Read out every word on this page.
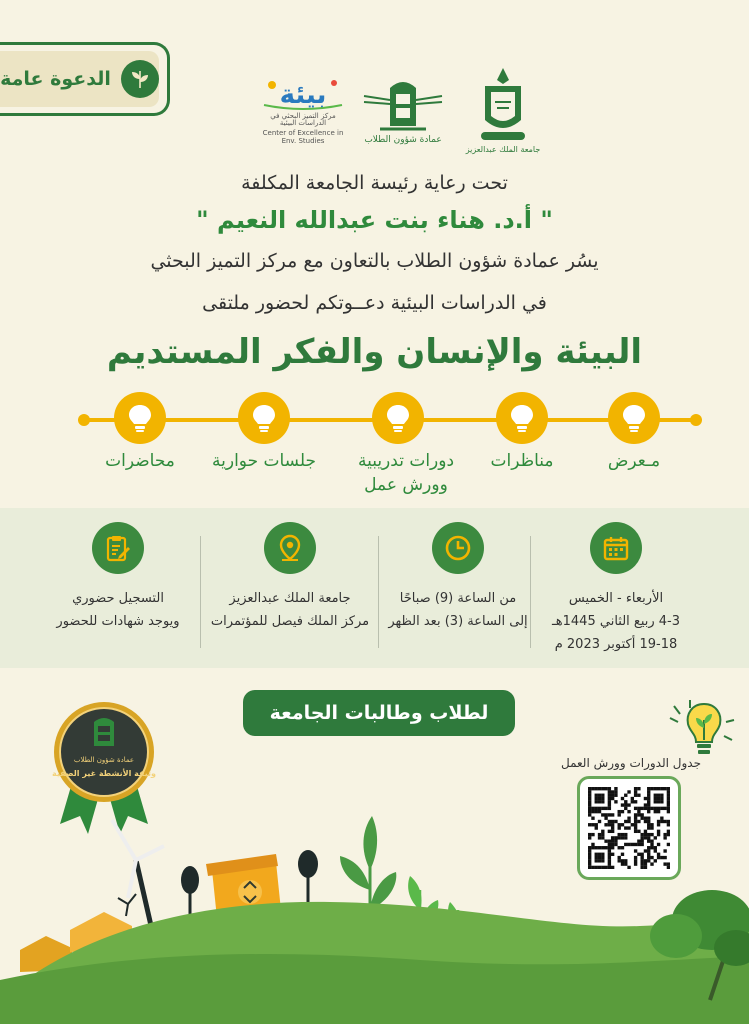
الدعوة عامة
بيئة
مركز التميز البحثي في الدراسات البيئية
Center of Excellence in Env. Studies	عمادة شؤون الطلاب
جامعة الملك عبدالعزيز
تحت رعاية رئيسة الجامعة المكلفة
" أ.د. هناء بنت عبدالله النعيم "
يسُر عمادة شؤون الطلاب بالتعاون مع مركز التميز البحثي
في الدراسات البيئية دعــوتكم لحضور ملتقى
البيئة والإنسان والفكر المستديم
مـعرض
مناظرات
دورات تدريبية وورش عمل
جلسات حوارية
محاضرات
الأربعاء - الخميس
4-3 ربيع الثاني 1445هـ
19-18 أكتوبر 2023 م
من الساعة (9) صباحًا
إلى الساعة (3) بعد الظهر
جامعة الملك عبدالعزيز
مركز الملك فيصل للمؤتمرات
التسجيل حضوري
ويوجد شهادات للحضور
لطلاب وطالبات الجامعة
عمادة شؤون الطلاب
وثيقة الأنشطة غير الصفية
جدول الدورات وورش العمل
